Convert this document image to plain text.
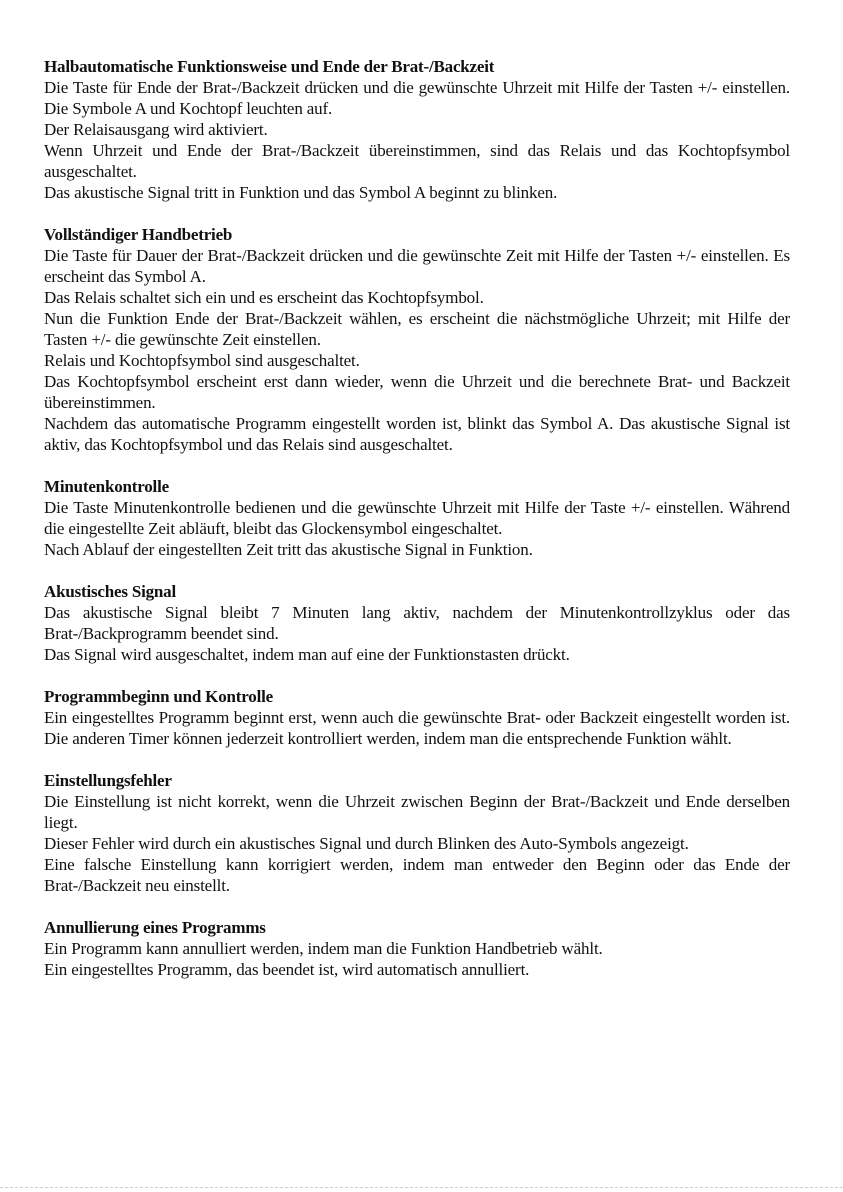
Halbautomatische Funktionsweise und Ende der Brat-/Backzeit

Die Taste für Ende der Brat-/Backzeit drücken und die gewünschte Uhrzeit mit Hilfe der Tasten +/- einstellen. Die Symbole A und Kochtopf leuchten auf.

Der Relaisausgang wird aktiviert.

Wenn Uhrzeit und Ende der Brat-/Backzeit übereinstimmen, sind das Relais und das Kochtopfsymbol ausgeschaltet.

Das akustische Signal tritt in Funktion und das Symbol A beginnt zu blinken.

Vollständiger Handbetrieb

Die Taste für Dauer der Brat-/Backzeit drücken und die gewünschte Zeit mit Hilfe der Tasten +/- einstellen. Es erscheint das Symbol A.

Das Relais schaltet sich ein und es erscheint das Kochtopfsymbol.

Nun die Funktion Ende der Brat-/Backzeit wählen, es erscheint die nächstmögliche Uhrzeit; mit Hilfe der Tasten +/- die gewünschte Zeit einstellen.

Relais und Kochtopfsymbol sind ausgeschaltet.

Das Kochtopfsymbol erscheint erst dann wieder, wenn die Uhrzeit und die berechnete Brat- und Backzeit übereinstimmen.

Nachdem das automatische Programm eingestellt worden ist, blinkt das Symbol A. Das akustische Signal ist aktiv, das Kochtopfsymbol und das Relais sind ausgeschaltet.

Minutenkontrolle

Die Taste Minutenkontrolle bedienen und die gewünschte Uhrzeit mit Hilfe der Taste +/- einstellen. Während die eingestellte Zeit abläuft, bleibt das Glockensymbol eingeschaltet.

Nach Ablauf der eingestellten Zeit tritt das akustische Signal in Funktion.

Akustisches Signal

Das akustische Signal bleibt 7 Minuten lang aktiv, nachdem der Minutenkontrollzyklus oder das Brat-/Backprogramm beendet sind.

Das Signal wird ausgeschaltet, indem man auf eine der Funktionstasten drückt.

Programmbeginn und Kontrolle

Ein eingestelltes Programm beginnt erst, wenn auch die gewünschte Brat- oder Backzeit eingestellt worden ist. Die anderen Timer können jederzeit kontrolliert werden, indem man die entsprechende Funktion wählt.

Einstellungsfehler

Die Einstellung ist nicht korrekt, wenn die Uhrzeit zwischen Beginn der Brat-/Backzeit und Ende derselben liegt.

Dieser Fehler wird durch ein akustisches Signal und durch Blinken des Auto-Symbols angezeigt.

Eine falsche Einstellung kann korrigiert werden, indem man entweder den Beginn oder das Ende der Brat-/Backzeit neu einstellt.

Annullierung eines Programms

Ein Programm kann annulliert werden, indem man die Funktion Handbetrieb wählt.

Ein eingestelltes Programm, das beendet ist, wird automatisch annulliert.
